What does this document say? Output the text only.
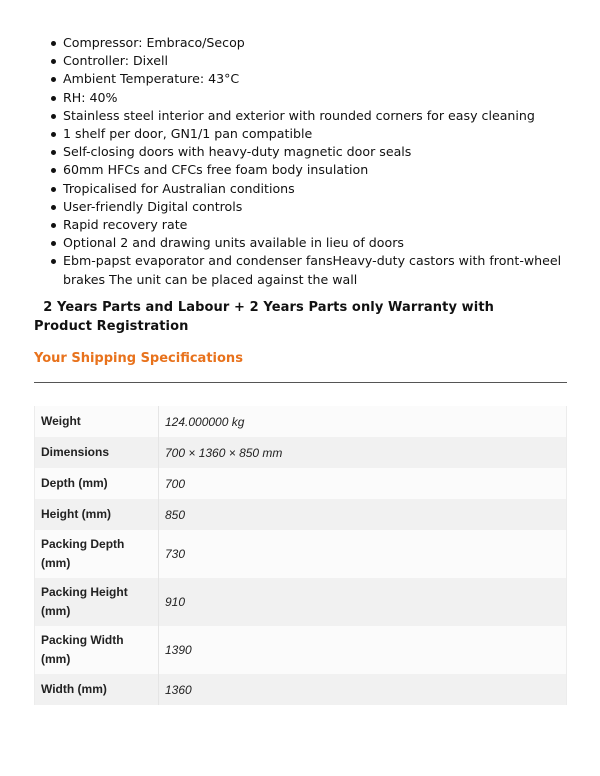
Compressor: Embraco/Secop
Controller: Dixell
Ambient Temperature: 43°C
RH: 40%
Stainless steel interior and exterior with rounded corners for easy cleaning
1 shelf per door, GN1/1 pan compatible
Self-closing doors with heavy-duty magnetic door seals
60mm HFCs and CFCs free foam body insulation
Tropicalised for Australian conditions
User-friendly Digital controls
Rapid recovery rate
Optional 2 and drawing units available in lieu of doors
Ebm-papst evaporator and condenser fansHeavy-duty castors with front-wheel brakes The unit can be placed against the wall
2 Years Parts and Labour + 2 Years Parts only Warranty with Product Registration
Your Shipping Specifications
Weight	124.000000 kg
Dimensions	700 × 1360 × 850 mm
Depth (mm)	700
Height (mm)	850
Packing Depth (mm)	730
Packing Height (mm)	910
Packing Width (mm)	1390
Width (mm)	1360
